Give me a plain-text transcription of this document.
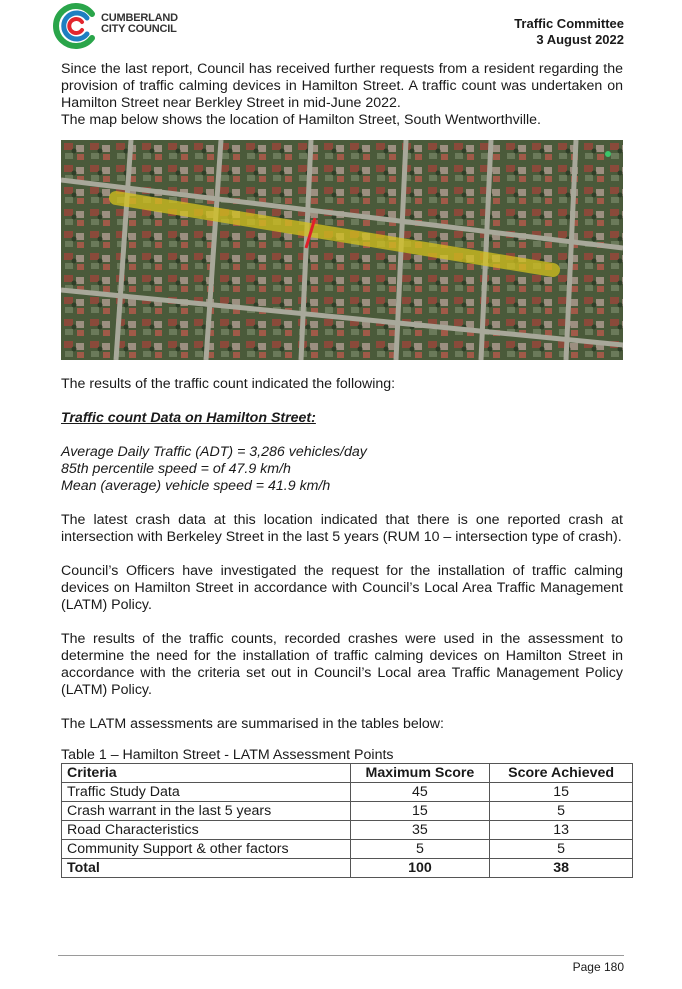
CUMBERLAND
CITY COUNCIL	Traffic Committee
3 August 2022

Since the last report, Council has received further requests from a resident regarding the provision of traffic calming devices in Hamilton Street. A traffic count was undertaken on Hamilton Street near Berkley Street in mid-June 2022.

The map below shows the location of Hamilton Street, South Wentworthville.

The results of the traffic count indicated the following:

Traffic count Data on Hamilton Street:

Average Daily Traffic (ADT) = 3,286 vehicles/day

85th percentile speed = of 47.9 km/h

Mean (average) vehicle speed = 41.9 km/h

The latest crash data at this location indicated that there is one reported crash at intersection with Berkeley Street in the last 5 years (RUM 10 – intersection type of crash).

Council’s Officers have investigated the request for the installation of traffic calming devices on Hamilton Street in accordance with Council’s Local Area Traffic Management (LATM) Policy.

The results of the traffic counts, recorded crashes were used in the assessment to determine the need for the installation of traffic calming devices on Hamilton Street in accordance with the criteria set out in Council’s Local area Traffic Management Policy (LATM) Policy.

The LATM assessments are summarised in the tables below:

Table 1 – Hamilton Street - LATM Assessment Points
Criteria	Maximum Score	Score Achieved
Traffic Study Data	45	15
Crash warrant in the last 5 years	15	5
Road Characteristics	35	13
Community Support & other factors	5	5
Total	100	38
Page 180
